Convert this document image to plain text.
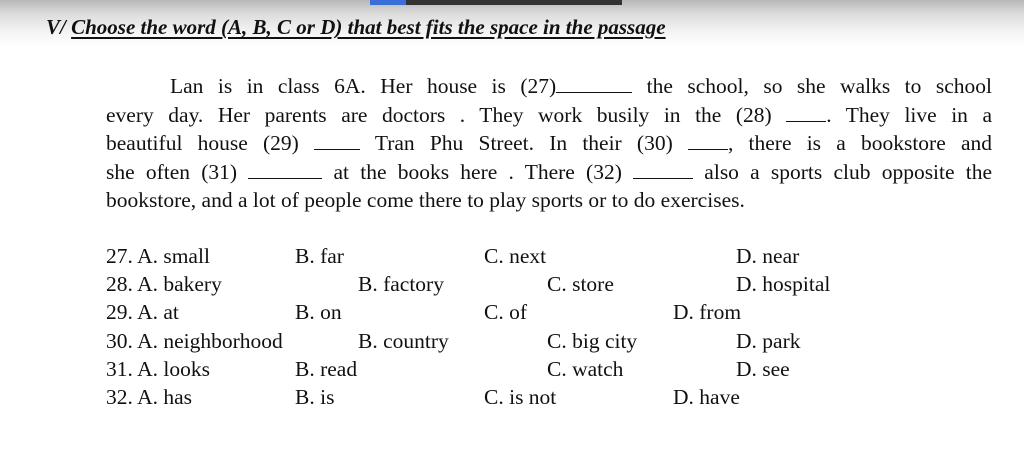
V/ Choose the word (A, B, C or D) that best fits the space in the passage
Lan is in class 6A. Her house is (27)	the school, so she walks to school
every day. Her parents are doctors . They work busily in the (28)	. They live in a
beautiful house (29)	Tran Phu Street. In their (30)	, there is a bookstore and
she often (31)	at the books here . There (32)	also a sports club opposite the
bookstore, and a lot of people come there to play sports or to do exercises.
27. A. small	B. far	C. next	D. near
28. A. bakery	B. factory	C. store	D. hospital
29. A. at	B. on	C. of	D. from
30. A. neighborhood	B. country	C. big city	D. park
31. A. looks	B. read	C. watch	D. see
32. A. has	B. is	C. is not	D. have
